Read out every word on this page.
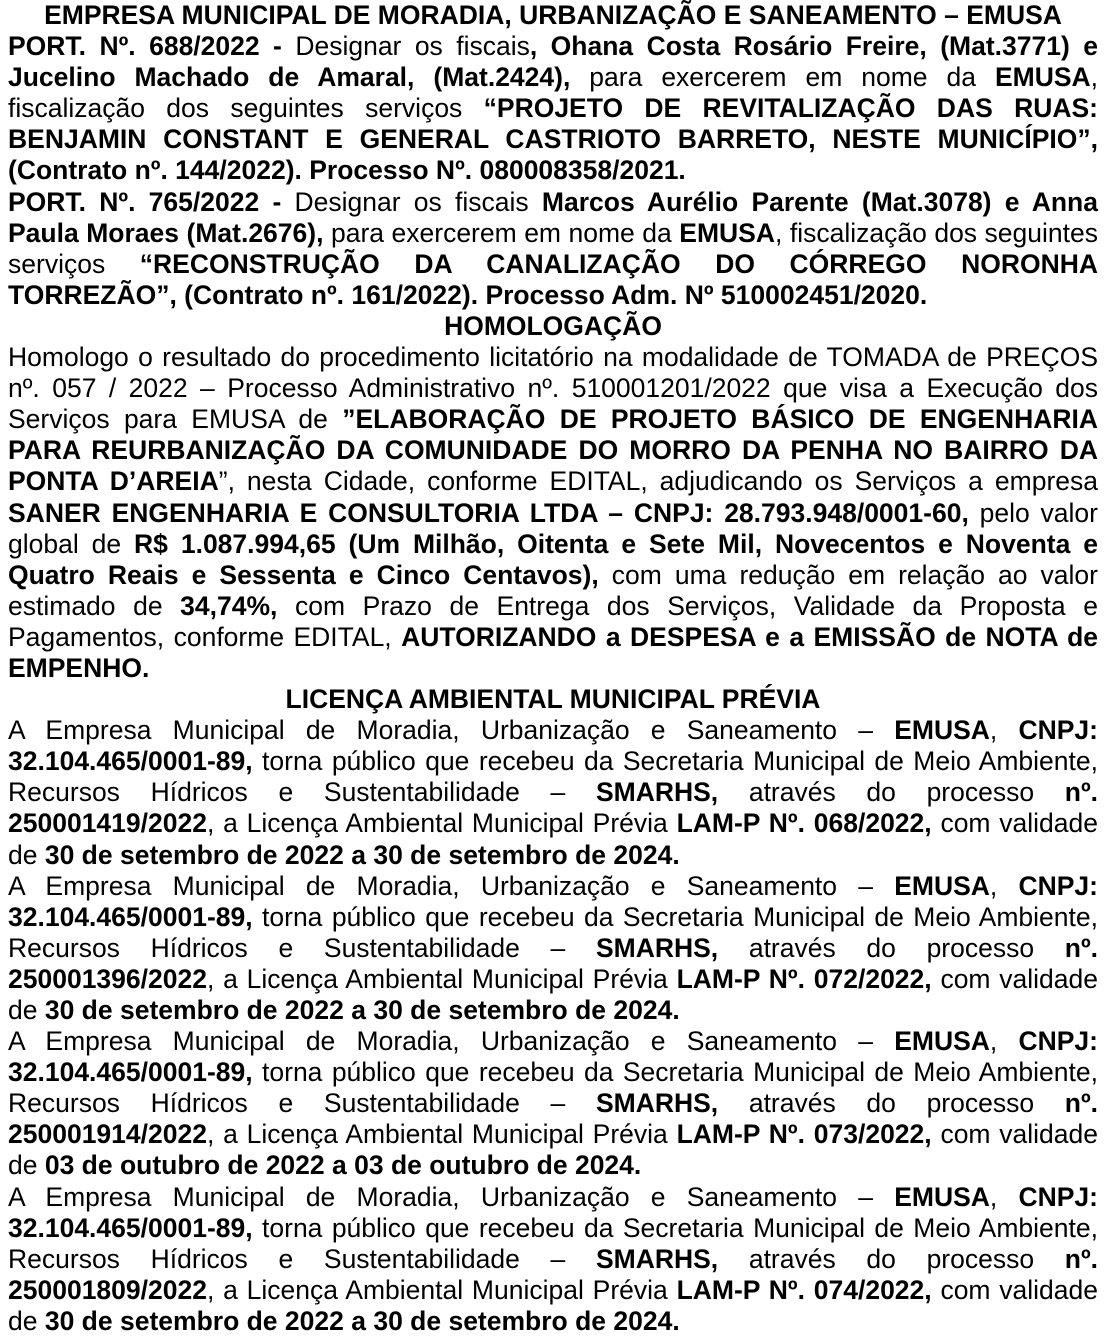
EMPRESA MUNICIPAL DE MORADIA, URBANIZAÇÃO E SANEAMENTO – EMUSA

PORT. Nº. 688/2022 - Designar os fiscais, Ohana Costa Rosário Freire, (Mat.3771) e Jucelino Machado de Amaral, (Mat.2424), para exercerem em nome da EMUSA, fiscalização dos seguintes serviços “PROJETO DE REVITALIZAÇÃO DAS RUAS: BENJAMIN CONSTANT E GENERAL CASTRIOTO BARRETO, NESTE MUNICÍPIO”, (Contrato nº. 144/2022). Processo Nº. 080008358/2021.

PORT. Nº. 765/2022 - Designar os fiscais Marcos Aurélio Parente (Mat.3078) e Anna Paula Moraes (Mat.2676), para exercerem em nome da EMUSA, fiscalização dos seguintes serviços “RECONSTRUÇÃO DA CANALIZAÇÃO DO CÓRREGO NORONHA TORREZÃO”, (Contrato nº. 161/2022). Processo Adm. Nº 510002451/2020.

HOMOLOGAÇÃO

Homologo o resultado do procedimento licitatório na modalidade de TOMADA de PREÇOS nº. 057 / 2022 – Processo Administrativo nº. 510001201/2022 que visa a Execução dos Serviços para EMUSA de ”ELABORAÇÃO DE PROJETO BÁSICO DE ENGENHARIA PARA REURBANIZAÇÃO DA COMUNIDADE DO MORRO DA PENHA NO BAIRRO DA PONTA D’AREIA”, nesta Cidade, conforme EDITAL, adjudicando os Serviços a empresa SANER ENGENHARIA E CONSULTORIA LTDA – CNPJ: 28.793.948/0001-60, pelo valor global de R$ 1.087.994,65 (Um Milhão, Oitenta e Sete Mil, Novecentos e Noventa e Quatro Reais e Sessenta e Cinco Centavos), com uma redução em relação ao valor estimado de 34,74%, com Prazo de Entrega dos Serviços, Validade da Proposta e Pagamentos, conforme EDITAL, AUTORIZANDO a DESPESA e a EMISSÃO de NOTA de EMPENHO.

LICENÇA AMBIENTAL MUNICIPAL PRÉVIA

A Empresa Municipal de Moradia, Urbanização e Saneamento – EMUSA, CNPJ: 32.104.465/0001-89, torna público que recebeu da Secretaria Municipal de Meio Ambiente, Recursos Hídricos e Sustentabilidade – SMARHS, através do processo nº. 250001419/2022, a Licença Ambiental Municipal Prévia LAM-P Nº. 068/2022, com validade de 30 de setembro de 2022 a 30 de setembro de 2024.

A Empresa Municipal de Moradia, Urbanização e Saneamento – EMUSA, CNPJ: 32.104.465/0001-89, torna público que recebeu da Secretaria Municipal de Meio Ambiente, Recursos Hídricos e Sustentabilidade – SMARHS, através do processo nº. 250001396/2022, a Licença Ambiental Municipal Prévia LAM-P Nº. 072/2022, com validade de 30 de setembro de 2022 a 30 de setembro de 2024.

A Empresa Municipal de Moradia, Urbanização e Saneamento – EMUSA, CNPJ: 32.104.465/0001-89, torna público que recebeu da Secretaria Municipal de Meio Ambiente, Recursos Hídricos e Sustentabilidade – SMARHS, através do processo nº. 250001914/2022, a Licença Ambiental Municipal Prévia LAM-P Nº. 073/2022, com validade de 03 de outubro de 2022 a 03 de outubro de 2024.

A Empresa Municipal de Moradia, Urbanização e Saneamento – EMUSA, CNPJ: 32.104.465/0001-89, torna público que recebeu da Secretaria Municipal de Meio Ambiente, Recursos Hídricos e Sustentabilidade – SMARHS, através do processo nº. 250001809/2022, a Licença Ambiental Municipal Prévia LAM-P Nº. 074/2022, com validade de 30 de setembro de 2022 a 30 de setembro de 2024.
